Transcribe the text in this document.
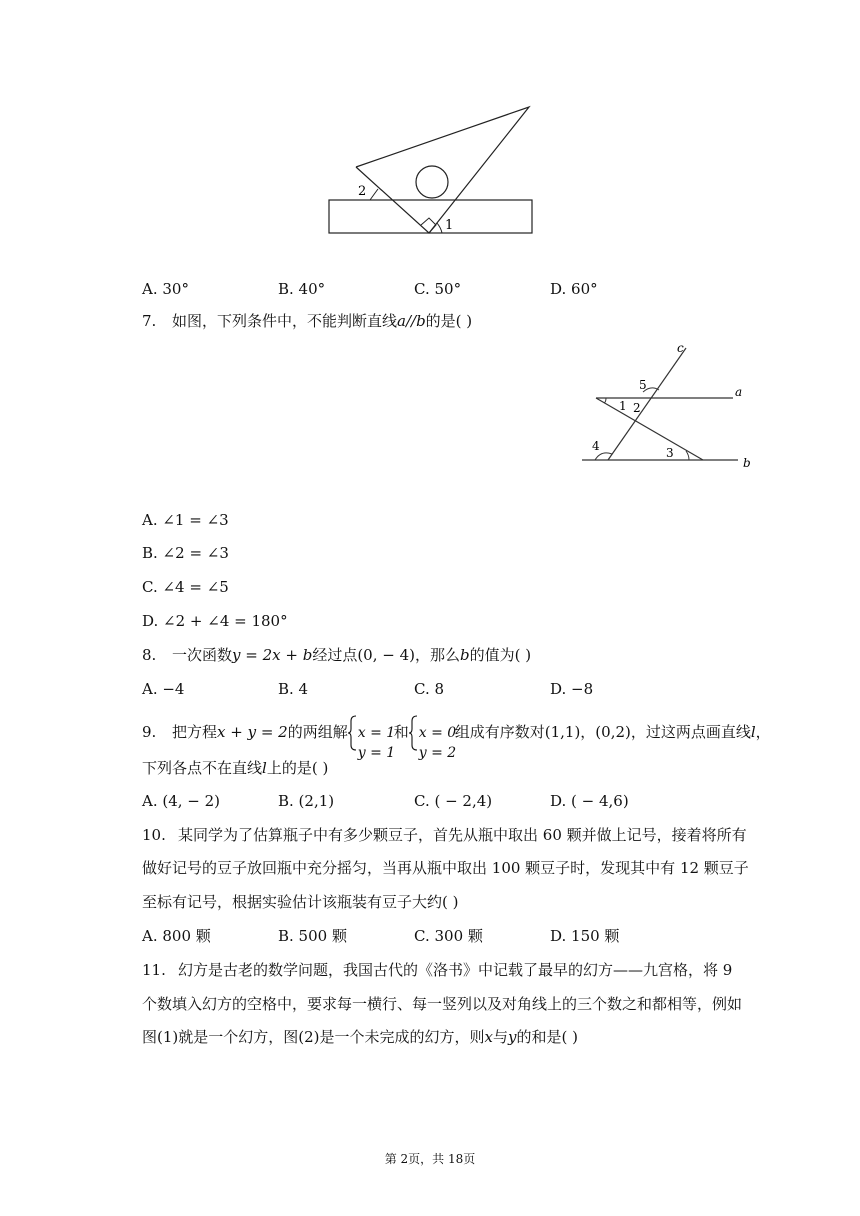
2
1
A. 30°	B. 40°	C. 50°	D. 60°
7. 如图，下列条件中，不能判断直线a//b的是( )
c
a
b
5
1 2
4	3
A. ∠1 = ∠3
B. ∠2 = ∠3
C. ∠4 = ∠5
D. ∠2 + ∠4 = 180°
8. 一次函数y = 2x + b经过点(0, − 4)，那么b的值为( )
A. −4	B. 4	C. 8	D. −8
9. 把方程x + y = 2的两组解 x = 1
y = 1
和 x = 0
y = 2
组成有序数对(1,1)，(0,2)，过这两点画直线l，
下列各点不在直线l上的是( )
A. (4, − 2)	B. (2,1)	C. ( − 2,4)	D. ( − 4,6)
10. 某同学为了估算瓶子中有多少颗豆子，首先从瓶中取出 60 颗并做上记号，接着将所有
做好记号的豆子放回瓶中充分摇匀，当再从瓶中取出 100 颗豆子时，发现其中有 12 颗豆子
至标有记号，根据实验估计该瓶装有豆子大约( )
A. 800 颗	B. 500 颗	C. 300 颗	D. 150 颗
11. 幻方是古老的数学问题，我国古代的《洛书》中记载了最早的幻方——九宫格，将 9
个数填入幻方的空格中，要求每一横行、每一竖列以及对角线上的三个数之和都相等，例如
图(1)就是一个幻方，图(2)是一个未完成的幻方，则x与y的和是( )
第 2页，共 18页
